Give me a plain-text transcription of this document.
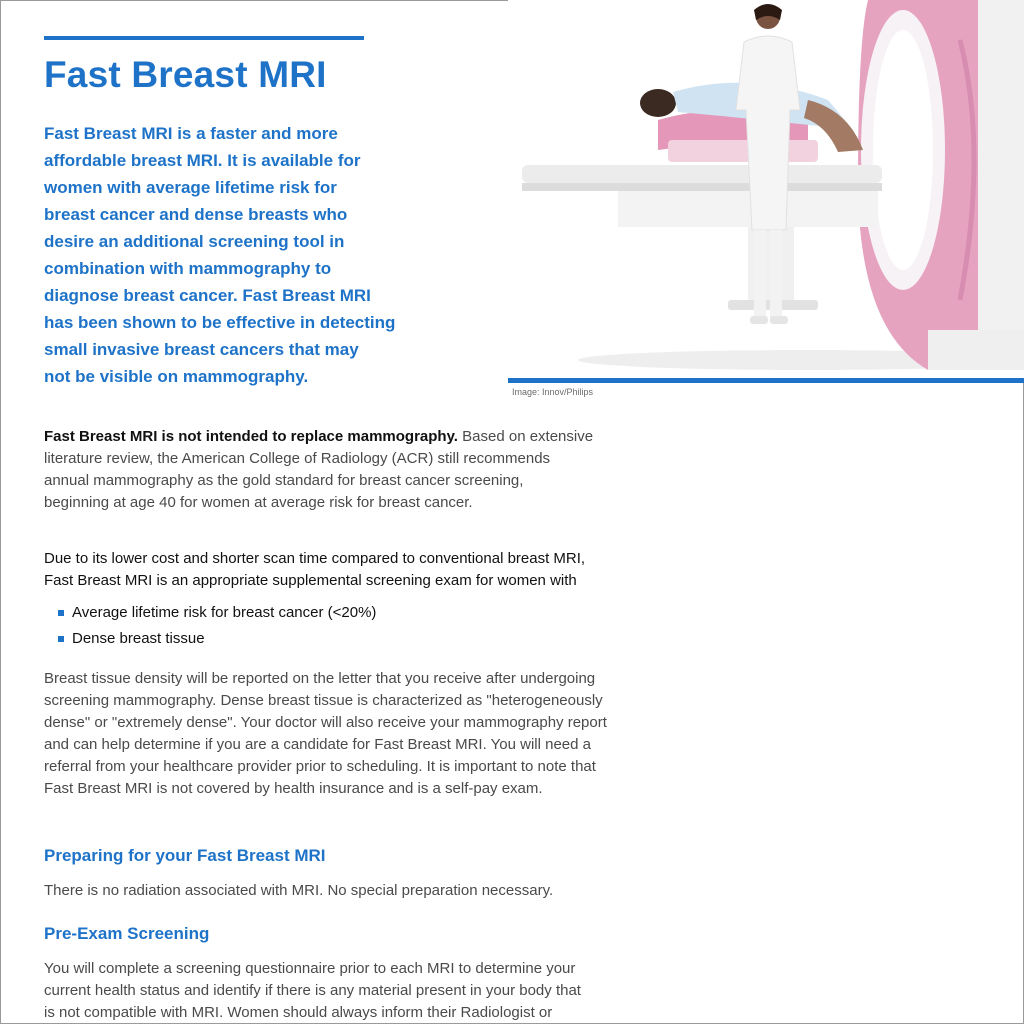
Fast Breast MRI

Fast Breast MRI is a faster and more
affordable breast MRI. It is available for
women with average lifetime risk for
breast cancer and dense breasts who
desire an additional screening tool in
combination with mammography to
diagnose breast cancer. Fast Breast MRI
has been shown to be effective in detecting
small invasive breast cancers that may
not be visible on mammography.

Image: Innov/Philips

Fast Breast MRI is not intended to replace mammography. Based on extensive
literature review, the American College of Radiology (ACR) still recommends
annual mammography as the gold standard for breast cancer screening,
beginning at age 40 for women at average risk for breast cancer.

Due to its lower cost and shorter scan time compared to conventional breast MRI,
Fast Breast MRI is an appropriate supplemental screening exam for women with

Average lifetime risk for breast cancer (<20%)
Dense breast tissue

Breast tissue density will be reported on the letter that you receive after undergoing
screening mammography. Dense breast tissue is characterized as "heterogeneously
dense" or "extremely dense". Your doctor will also receive your mammography report
and can help determine if you are a candidate for Fast Breast MRI. You will need a
referral from your healthcare provider prior to scheduling. It is important to note that
Fast Breast MRI is not covered by health insurance and is a self-pay exam.

Preparing for your Fast Breast MRI

There is no radiation associated with MRI. No special preparation necessary.

Pre-Exam Screening

You will complete a screening questionnaire prior to each MRI to determine your
current health status and identify if there is any material present in your body that
is not compatible with MRI. Women should always inform their Radiologist or
